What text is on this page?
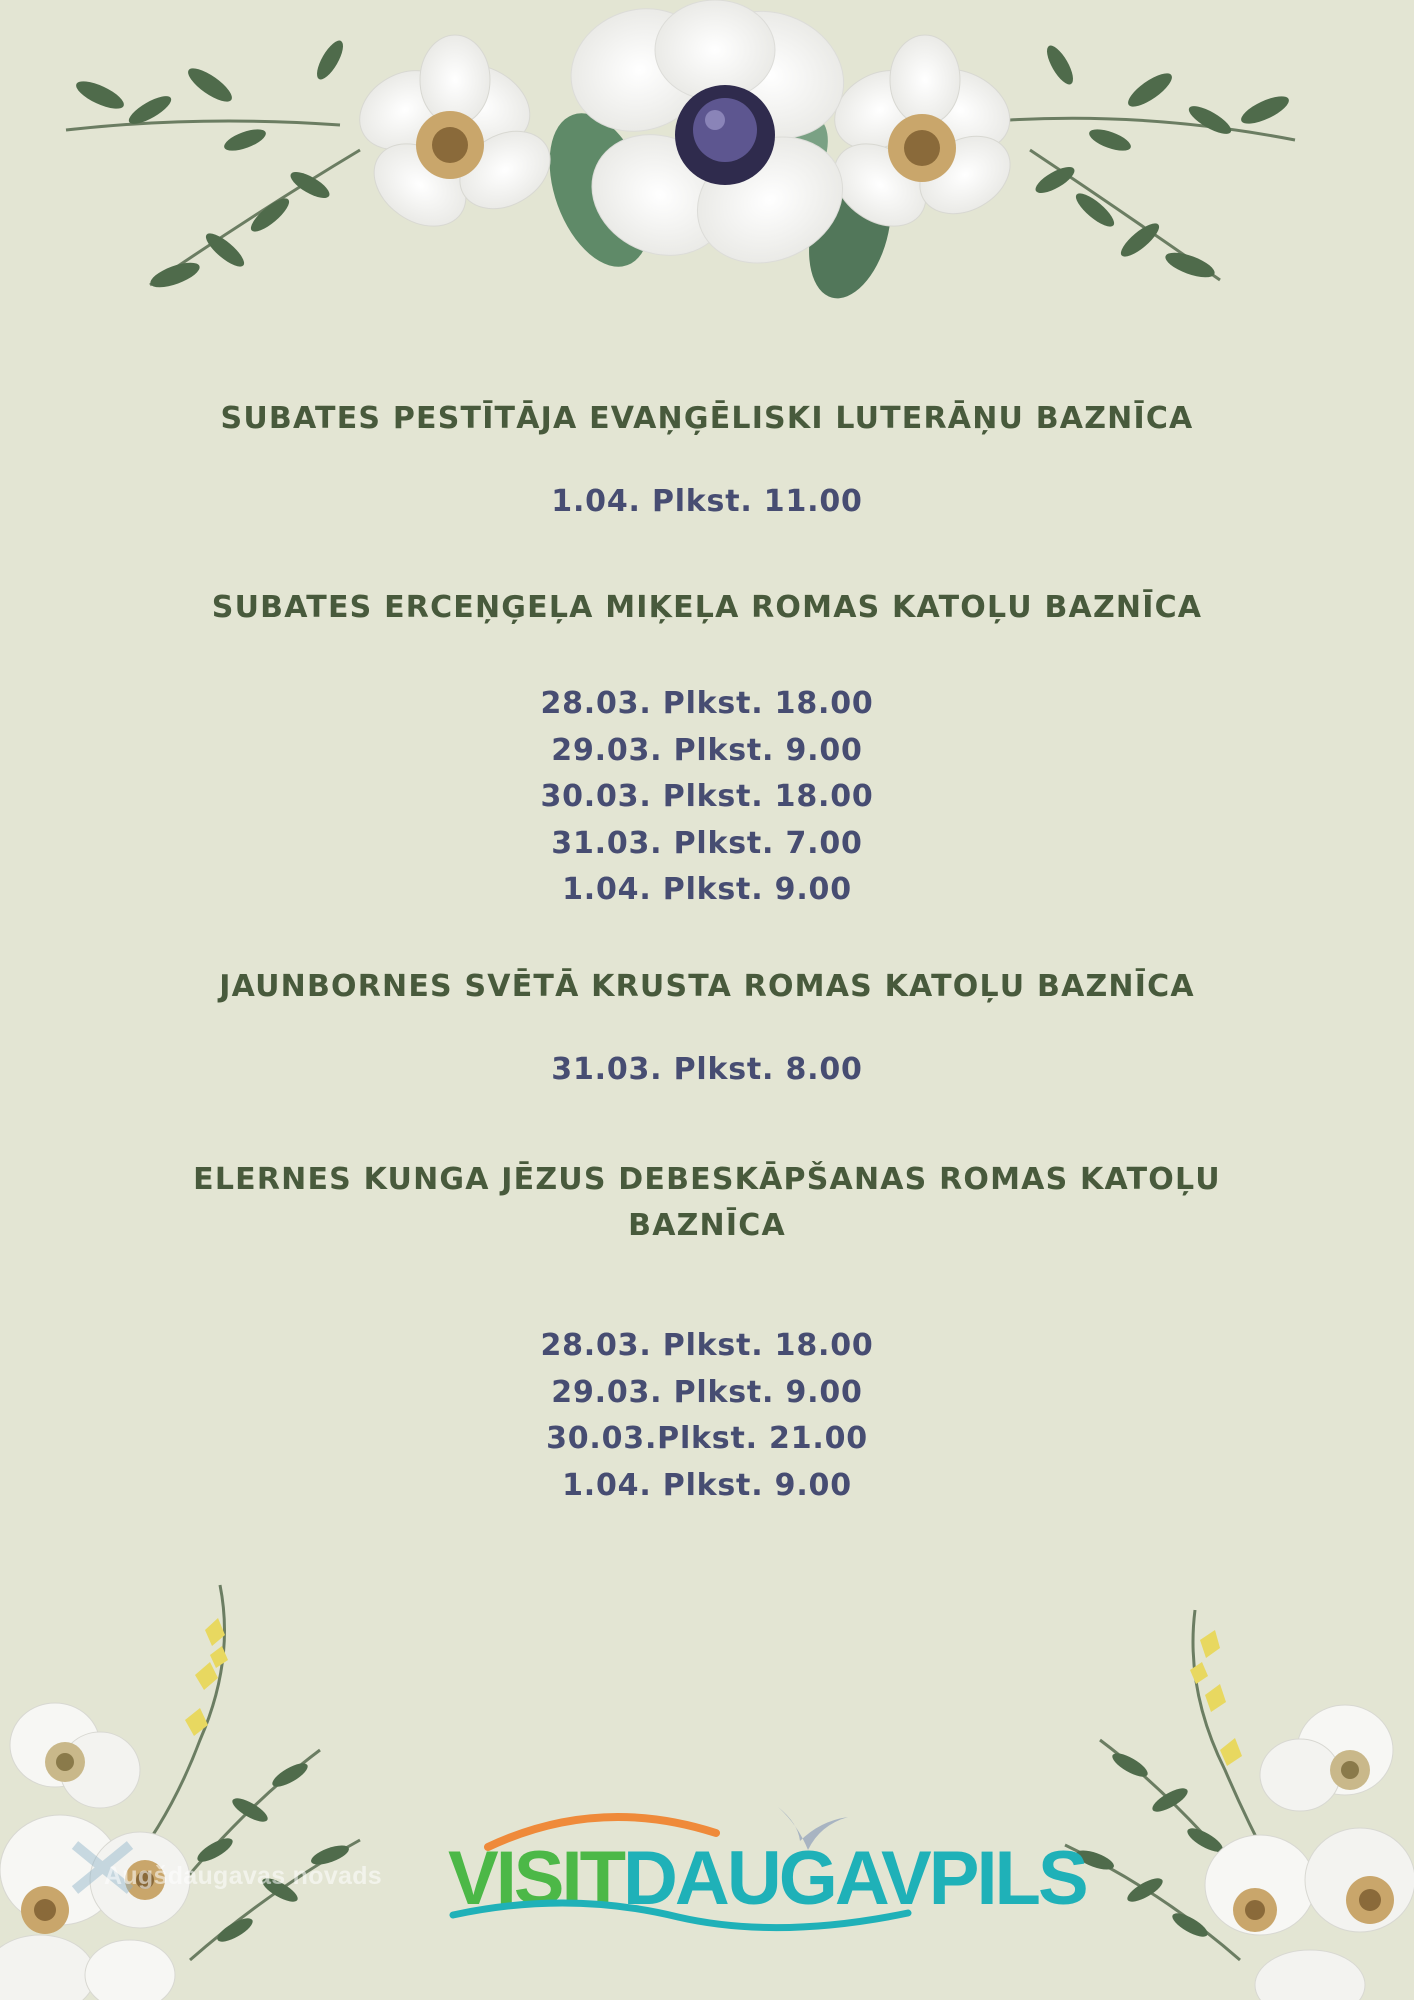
SUBATES PESTĪTĀJA EVAŅĢĒLISKI LUTERĀŅU BAZNĪCA
1.04. Plkst. 11.00
SUBATES ERCEŅĢEĻA MIĶEĻA ROMAS KATOĻU BAZNĪCA
28.03. Plkst. 18.00
29.03. Plkst. 9.00
30.03. Plkst. 18.00
31.03. Plkst. 7.00
1.04. Plkst. 9.00
JAUNBORNES SVĒTĀ KRUSTA ROMAS KATOĻU BAZNĪCA
31.03. Plkst. 8.00
ELERNES KUNGA JĒZUS DEBESKĀPŠANAS ROMAS KATOĻU
BAZNĪCA
28.03. Plkst. 18.00
29.03. Plkst. 9.00
30.03.Plkst. 21.00
1.04. Plkst. 9.00
Augšdaugavas novads VISITDAUGAVPILS
